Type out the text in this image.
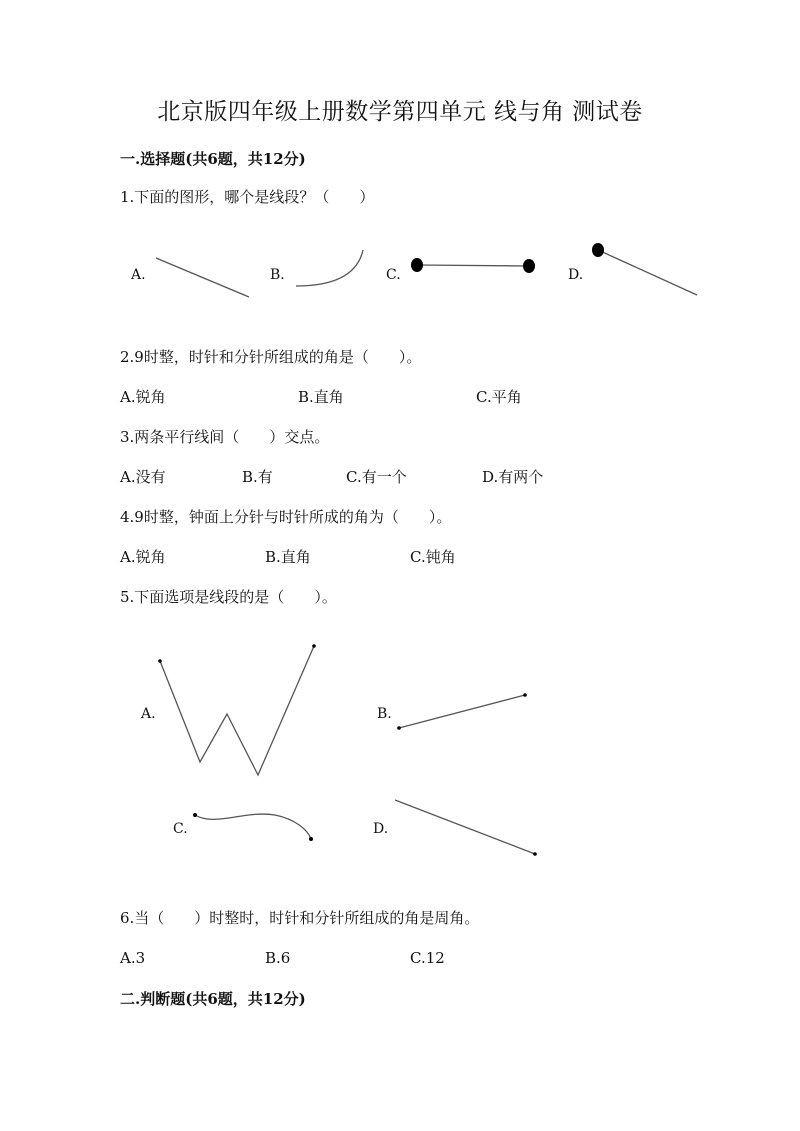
北京版四年级上册数学第四单元 线与角 测试卷
一.选择题(共6题，共12分)
1.下面的图形，哪个是线段？（　　）
A.	B.	C.	D.
2.9时整，时针和分针所组成的角是（　　）。
A.锐角	B.直角	C.平角
3.两条平行线间（　　）交点。
A.没有	B.有	C.有一个	D.有两个
4.9时整，钟面上分针与时针所成的角为（　　）。
A.锐角	B.直角	C.钝角
5.下面选项是线段的是（　　）。
A.	B.
C.	D.
6.当（　　）时整时，时针和分针所组成的角是周角。
A.3	B.6	C.12
二.判断题(共6题，共12分)
